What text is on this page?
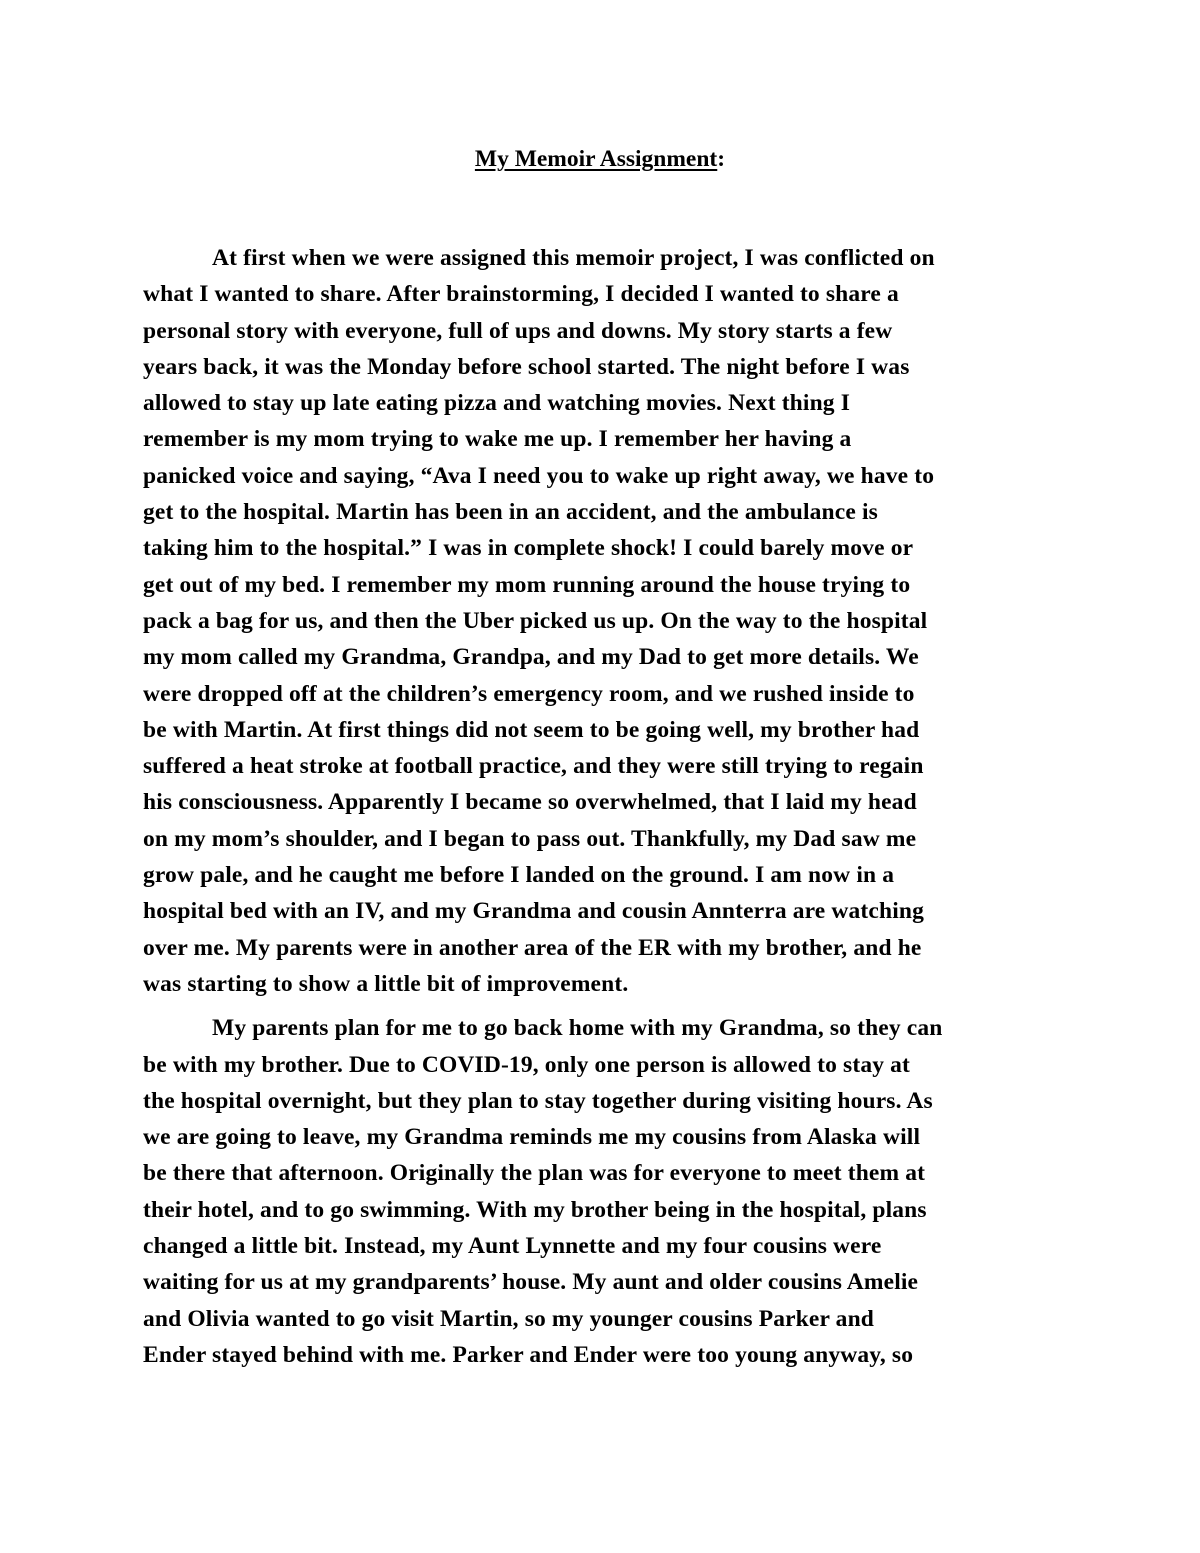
My Memoir Assignment:

At first when we were assigned this memoir project, I was conflicted on
what I wanted to share. After brainstorming, I decided I wanted to share a
personal story with everyone, full of ups and downs. My story starts a few
years back, it was the Monday before school started. The night before I was
allowed to stay up late eating pizza and watching movies. Next thing I
remember is my mom trying to wake me up. I remember her having a
panicked voice and saying, “Ava I need you to wake up right away, we have to
get to the hospital. Martin has been in an accident, and the ambulance is
taking him to the hospital.” I was in complete shock! I could barely move or
get out of my bed. I remember my mom running around the house trying to
pack a bag for us, and then the Uber picked us up. On the way to the hospital
my mom called my Grandma, Grandpa, and my Dad to get more details. We
were dropped off at the children’s emergency room, and we rushed inside to
be with Martin. At first things did not seem to be going well, my brother had
suffered a heat stroke at football practice, and they were still trying to regain
his consciousness. Apparently I became so overwhelmed, that I laid my head
on my mom’s shoulder, and I began to pass out. Thankfully, my Dad saw me
grow pale, and he caught me before I landed on the ground. I am now in a
hospital bed with an IV, and my Grandma and cousin Annterra are watching
over me. My parents were in another area of the ER with my brother, and he
was starting to show a little bit of improvement.

My parents plan for me to go back home with my Grandma, so they can
be with my brother. Due to COVID-19, only one person is allowed to stay at
the hospital overnight, but they plan to stay together during visiting hours. As
we are going to leave, my Grandma reminds me my cousins from Alaska will
be there that afternoon. Originally the plan was for everyone to meet them at
their hotel, and to go swimming. With my brother being in the hospital, plans
changed a little bit. Instead, my Aunt Lynnette and my four cousins were
waiting for us at my grandparents’ house. My aunt and older cousins Amelie
and Olivia wanted to go visit Martin, so my younger cousins Parker and
Ender stayed behind with me. Parker and Ender were too young anyway, so
